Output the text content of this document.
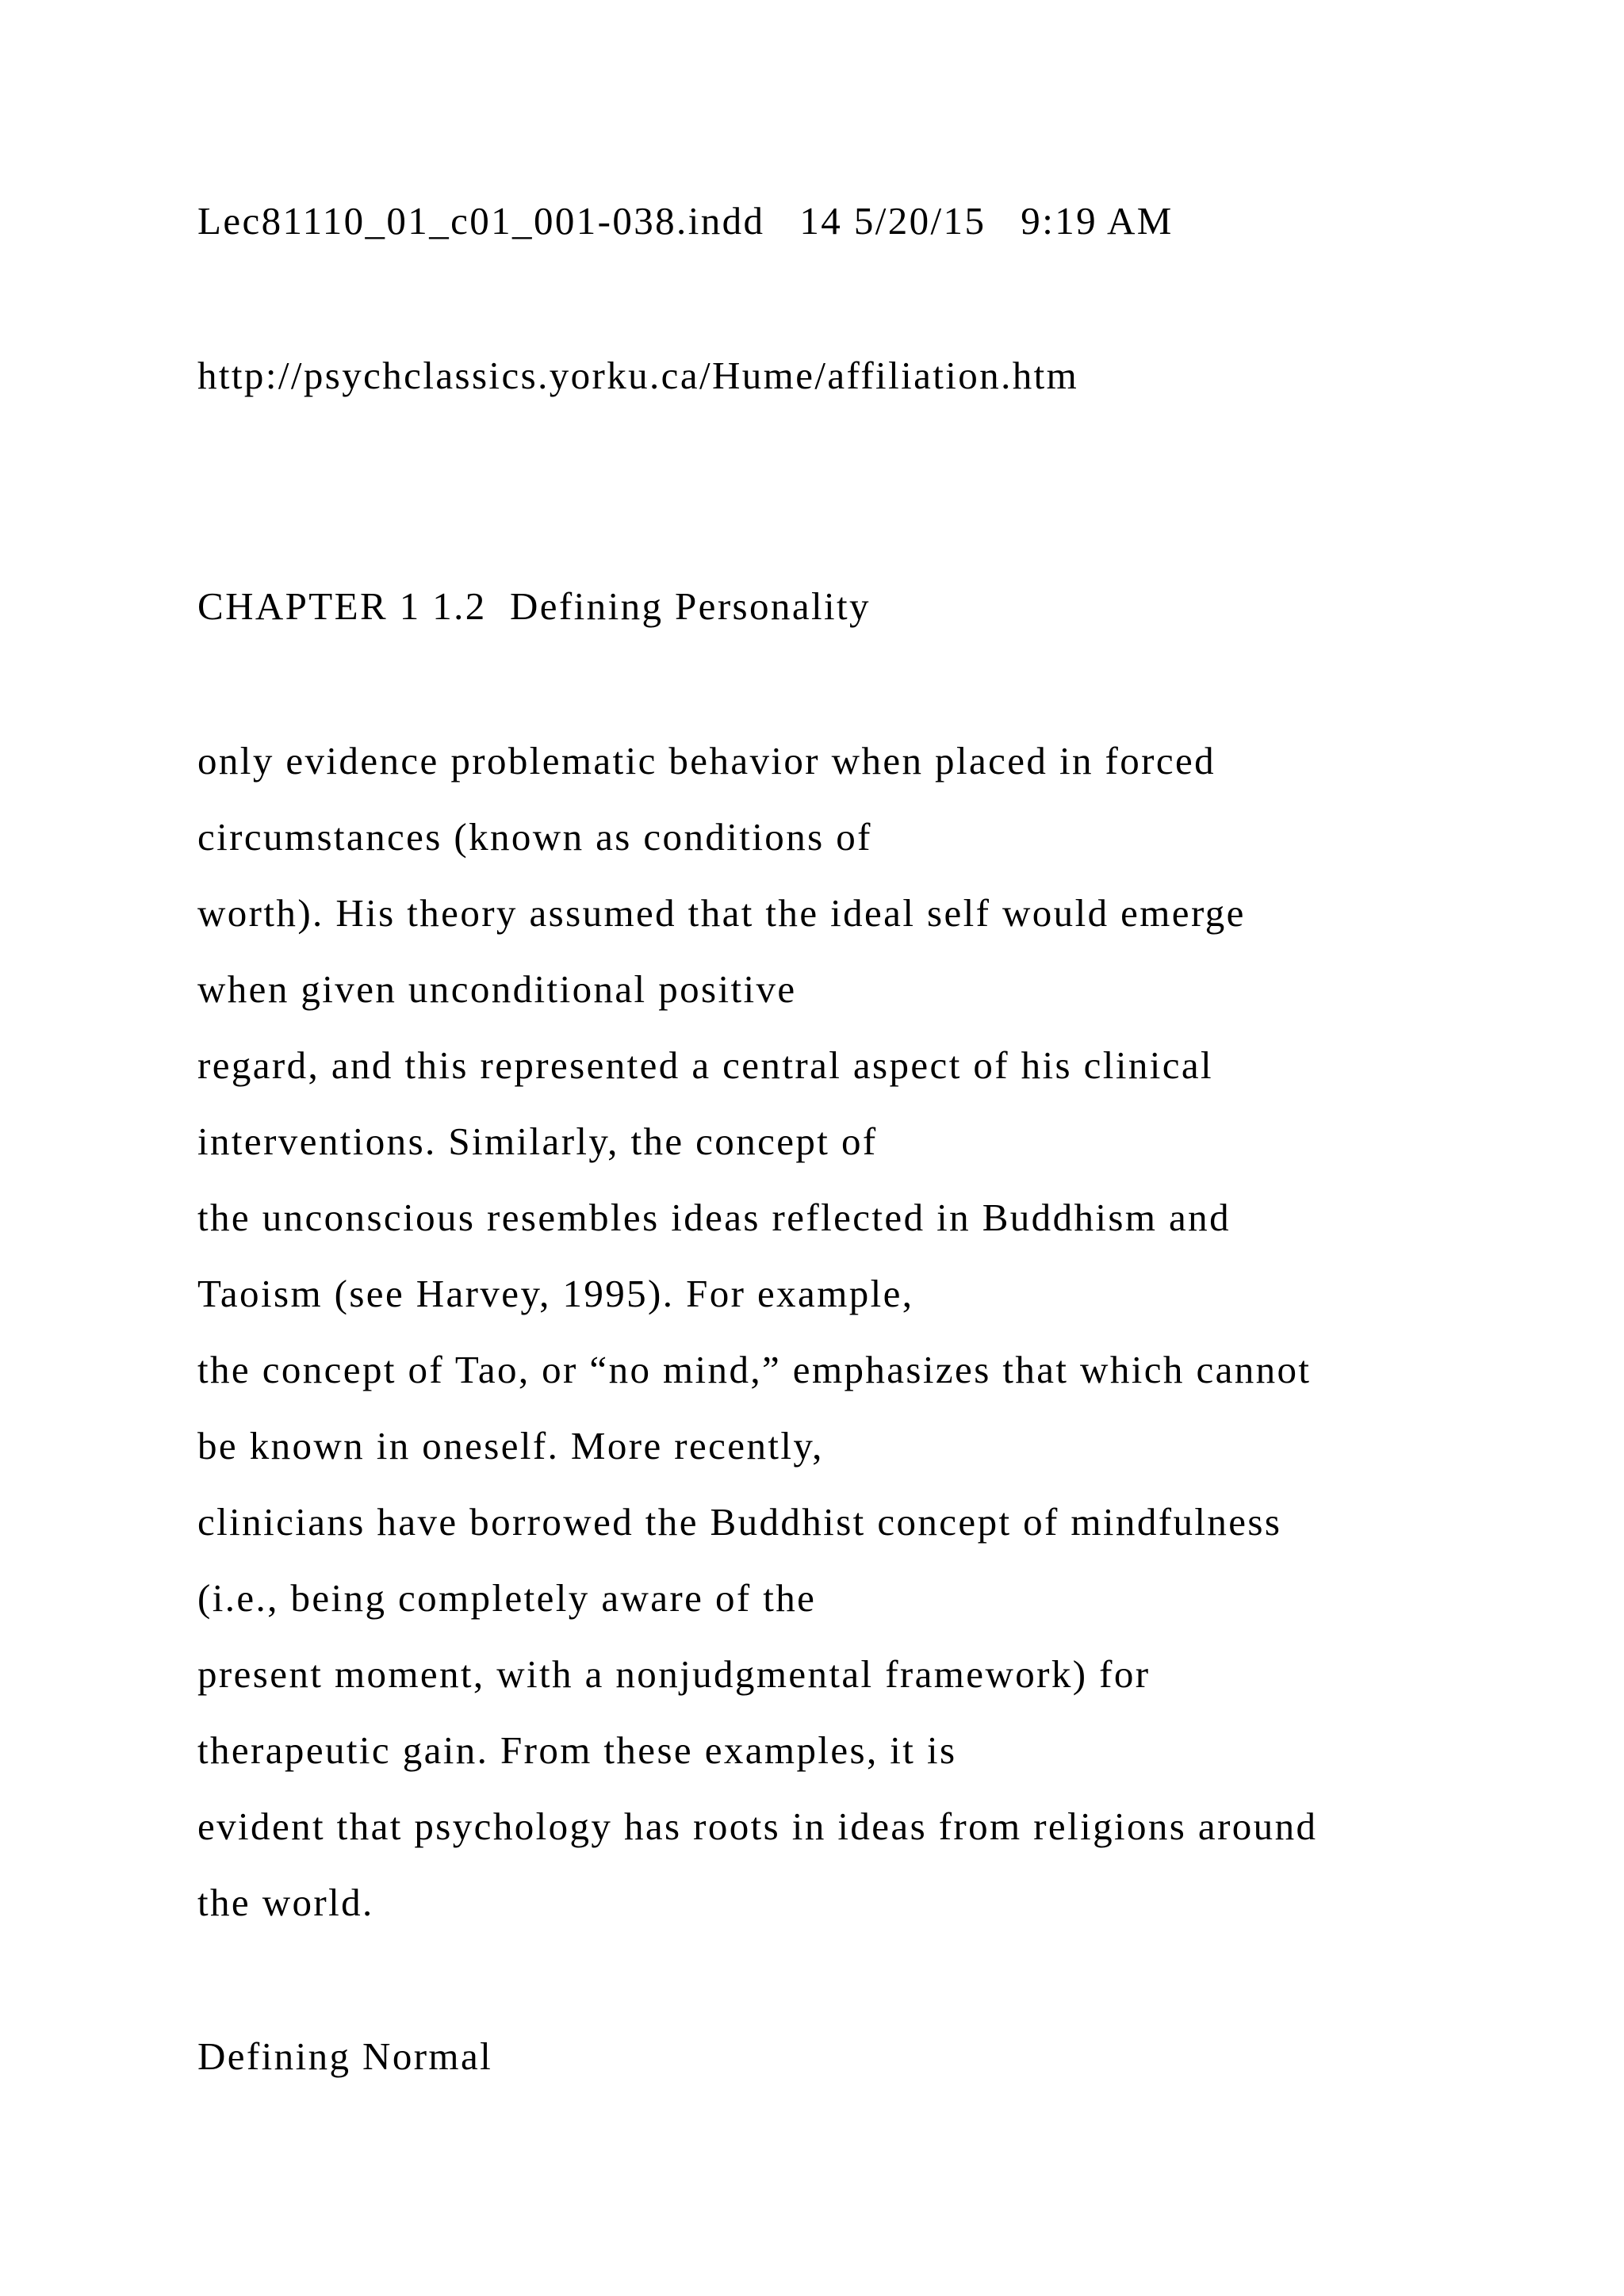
Lec81110_01_c01_001-038.indd   14 5/20/15   9:19 AM

http://psychclassics.yorku.ca/Hume/affiliation.htm

CHAPTER 1 1.2  Defining Personality

only evidence problematic behavior when placed in forced

circumstances (known as conditions of

worth). His theory assumed that the ideal self would emerge

when given unconditional positive

regard, and this represented a central aspect of his clinical

interventions. Similarly, the concept of

the unconscious resembles ideas reflected in Buddhism and

Taoism (see Harvey, 1995). For example,

the concept of Tao, or “no mind,” emphasizes that which cannot

be known in oneself. More recently,

clinicians have borrowed the Buddhist concept of mindfulness

(i.e., being completely aware of the

present moment, with a nonjudgmental framework) for

therapeutic gain. From these examples, it is

evident that psychology has roots in ideas from religions around

the world.

Defining Normal
